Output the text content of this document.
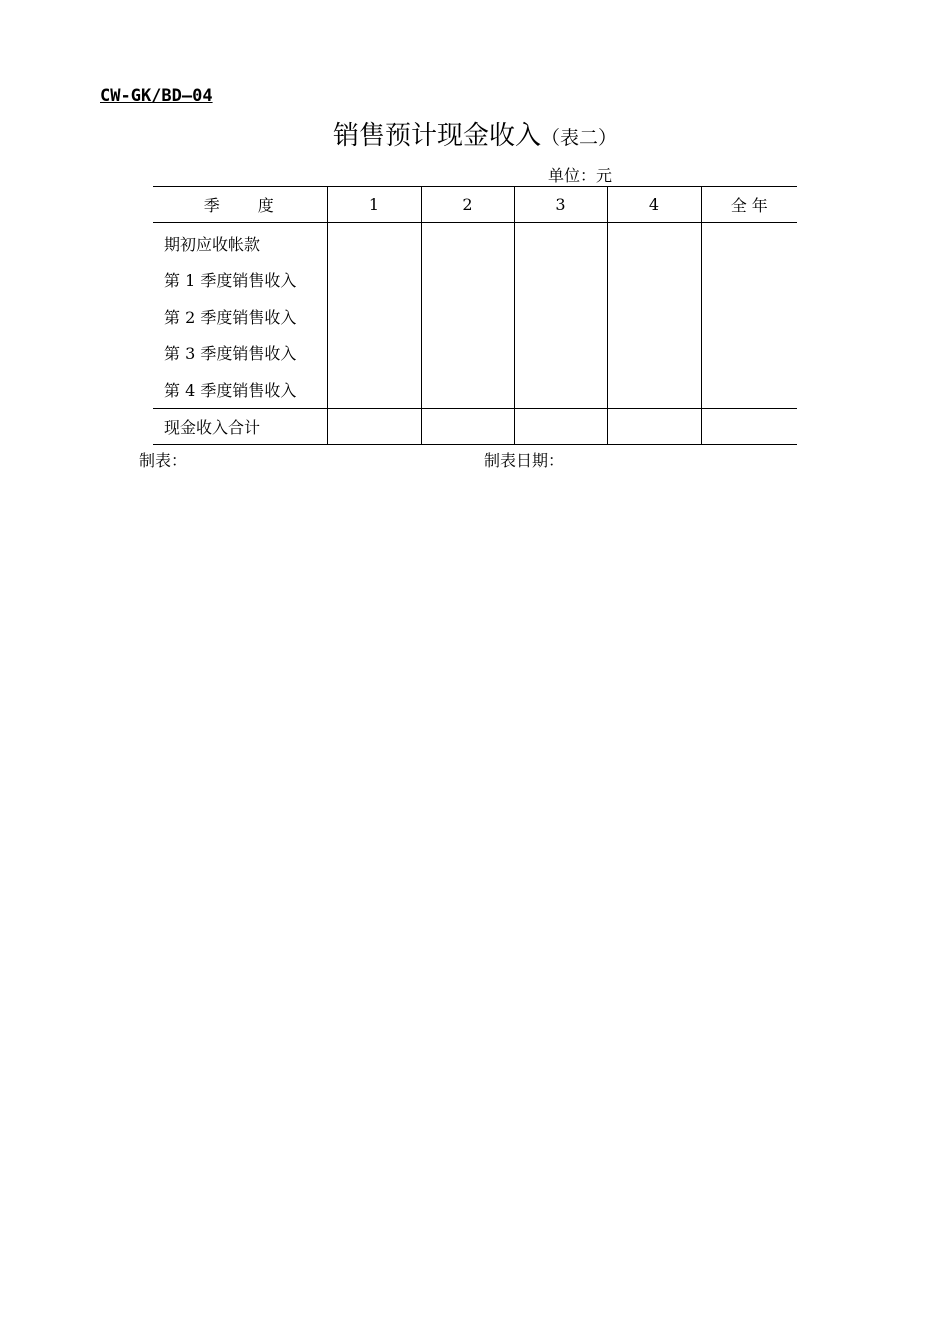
CW-GK/BD—04
销售预计现金收入（表二）
单位：元
季　　度	1	2	3	4	全 年
期初应收帐款					
第 1 季度销售收入					
第 2 季度销售收入					
第 3 季度销售收入					
第 4 季度销售收入					
现金收入合计					
制表：	制表日期：
